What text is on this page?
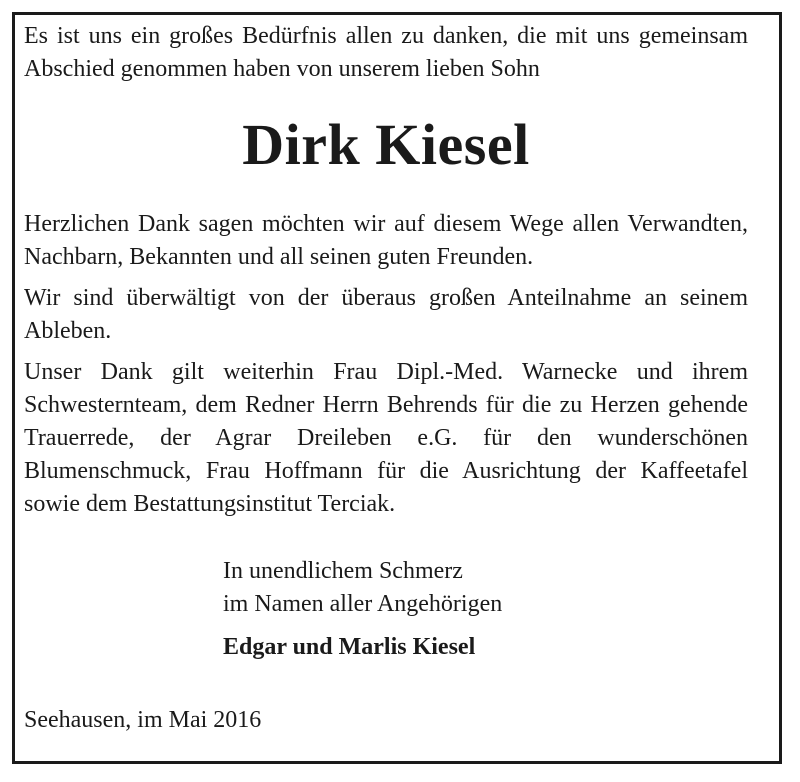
Es ist uns ein großes Bedürfnis allen zu danken, die mit uns gemeinsam Abschied genommen haben von unserem lieben Sohn

Dirk Kiesel

Herzlichen Dank sagen möchten wir auf diesem Wege allen Verwandten, Nachbarn, Bekannten und all seinen guten Freunden.

Wir sind überwältigt von der überaus großen Anteilnahme an seinem Ableben.

Unser Dank gilt weiterhin Frau Dipl.-Med. Warnecke und ihrem Schwesternteam, dem Redner Herrn Behrends für die zu Herzen gehende Trauerrede, der Agrar Dreileben e.G. für den wunderschönen Blumenschmuck, Frau Hoffmann für die Ausrichtung der Kaffeetafel sowie dem Bestattungsinstitut Terciak.

In unendlichem Schmerz
im Namen aller Angehörigen
Edgar und Marlis Kiesel
Seehausen, im Mai 2016
